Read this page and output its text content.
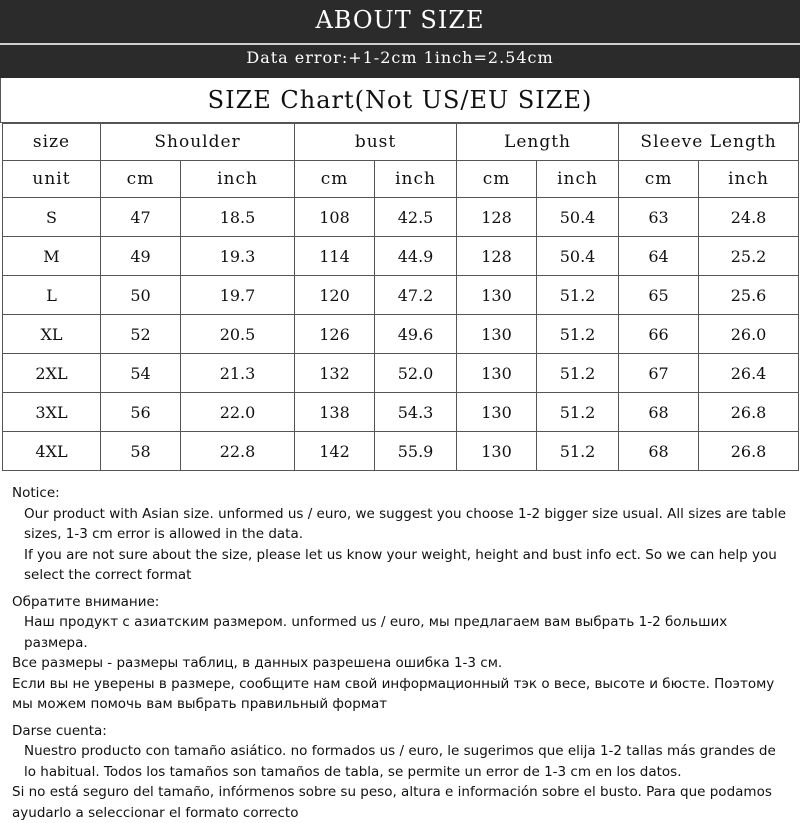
ABOUT SIZE
Data error:+1-2cm 1inch=2.54cm
SIZE Chart(Not US/EU SIZE)
size	Shoulder		bust		Length		Sleeve Length	
unit	cm	inch	cm	inch	cm	inch	cm	inch
S	47	18.5	108	42.5	128	50.4	63	24.8
M	49	19.3	114	44.9	128	50.4	64	25.2
L	50	19.7	120	47.2	130	51.2	65	25.6
XL	52	20.5	126	49.6	130	51.2	66	26.0
2XL	54	21.3	132	52.0	130	51.2	67	26.4
3XL	56	22.0	138	54.3	130	51.2	68	26.8
4XL	58	22.8	142	55.9	130	51.2	68	26.8

Notice:

Our product with Asian size. unformed us / euro, we suggest you choose 1-2 bigger size usual. All sizes are table sizes, 1-3 cm error is allowed in the data.

If you are not sure about the size, please let us know your weight, height and bust info ect. So we can help you select the correct format

Обратите внимание:

Наш продукт с азиатским размером. unformed us / euro, мы предлагаем вам выбрать 1-2 больших размера.

Все размеры - размеры таблиц, в данных разрешена ошибка 1-3 см.

Если вы не уверены в размере, сообщите нам свой информационный тэк о весе, высоте и бюсте. Поэтому мы можем помочь вам выбрать правильный формат

Darse cuenta:

Nuestro producto con tamaño asiático. no formados us / euro, le sugerimos que elija 1-2 tallas más grandes de lo habitual. Todos los tamaños son tamaños de tabla, se permite un error de 1-3 cm en los datos.

Si no está seguro del tamaño, infórmenos sobre su peso, altura e información sobre el busto. Para que podamos ayudarlo a seleccionar el formato correcto
